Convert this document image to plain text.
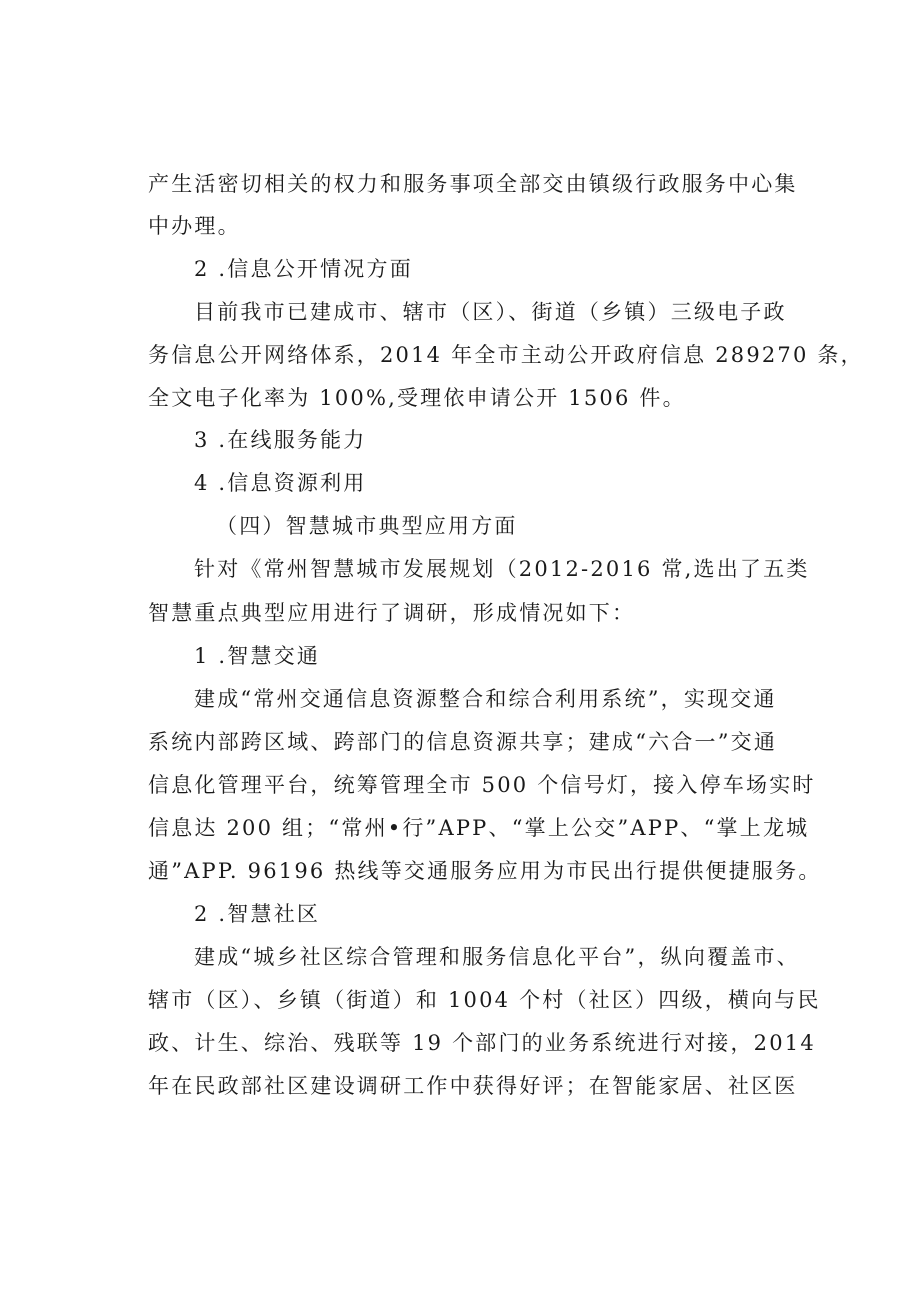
产生活密切相关的权力和服务事项全部交由镇级行政服务中心集
中办理。
2 .信息公开情况方面
目前我市已建成市、辖市（区）、街道（乡镇）三级电子政
务信息公开网络体系，2014 年全市主动公开政府信息 289270 条，
全文电子化率为 100%,受理依申请公开 1506 件。
3 .在线服务能力
4 .信息资源利用
（四）智慧城市典型应用方面
针对《常州智慧城市发展规划（2012-2016 常,选出了五类
智慧重点典型应用进行了调研，形成情况如下：
1 .智慧交通
建成“常州交通信息资源整合和综合利用系统”，实现交通
系统内部跨区域、跨部门的信息资源共享；建成“六合一”交通
信息化管理平台，统筹管理全市 500 个信号灯，接入停车场实时
信息达 200 组；“常州•行”APP、“掌上公交”APP、“掌上龙城
通”APP. 96196 热线等交通服务应用为市民出行提供便捷服务。
2 .智慧社区
建成“城乡社区综合管理和服务信息化平台”，纵向覆盖市、
辖市（区）、乡镇（街道）和 1004 个村（社区）四级，横向与民
政、计生、综治、残联等 19 个部门的业务系统进行对接，2014
年在民政部社区建设调研工作中获得好评；在智能家居、社区医
